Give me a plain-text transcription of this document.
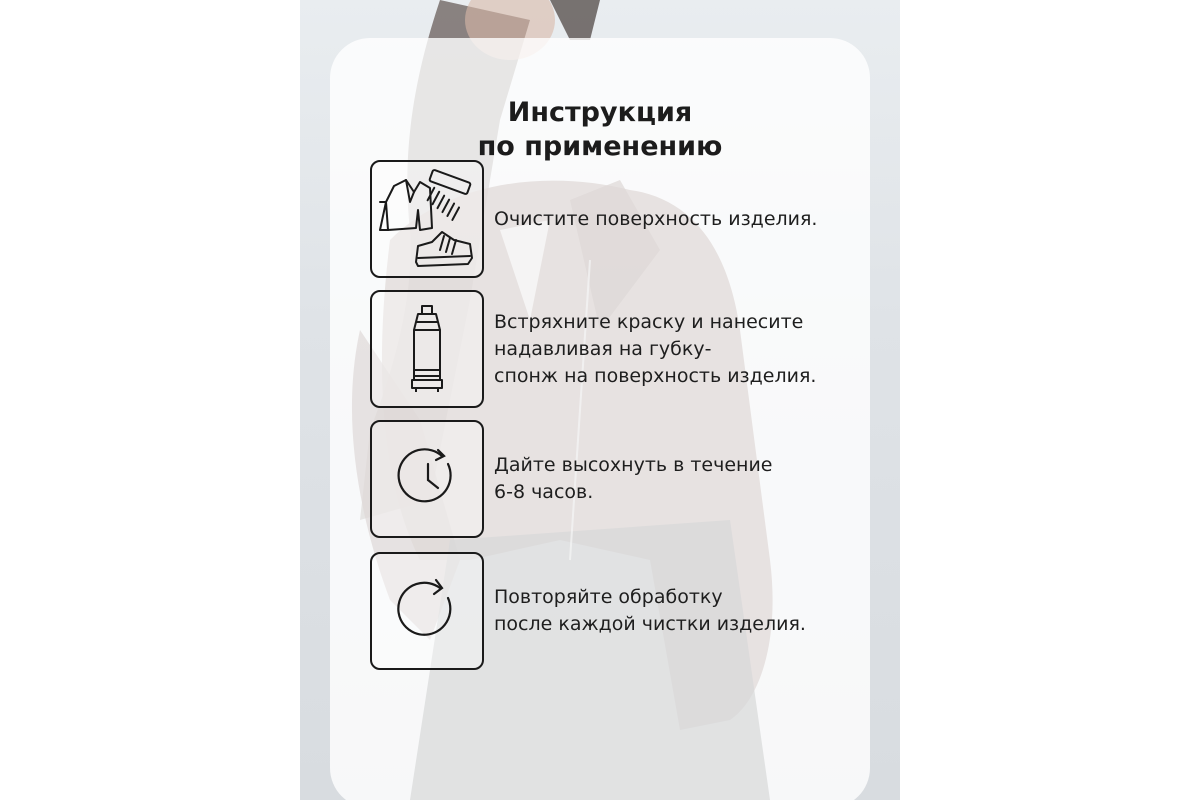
Инструкция
по применению
Очистите поверхность изделия.
Встряхните краску и нанесите
надавливая на губку-
спонж на поверхность изделия.
Дайте высохнуть в течение
6-8 часов.
Повторяйте обработку
после каждой чистки изделия.
